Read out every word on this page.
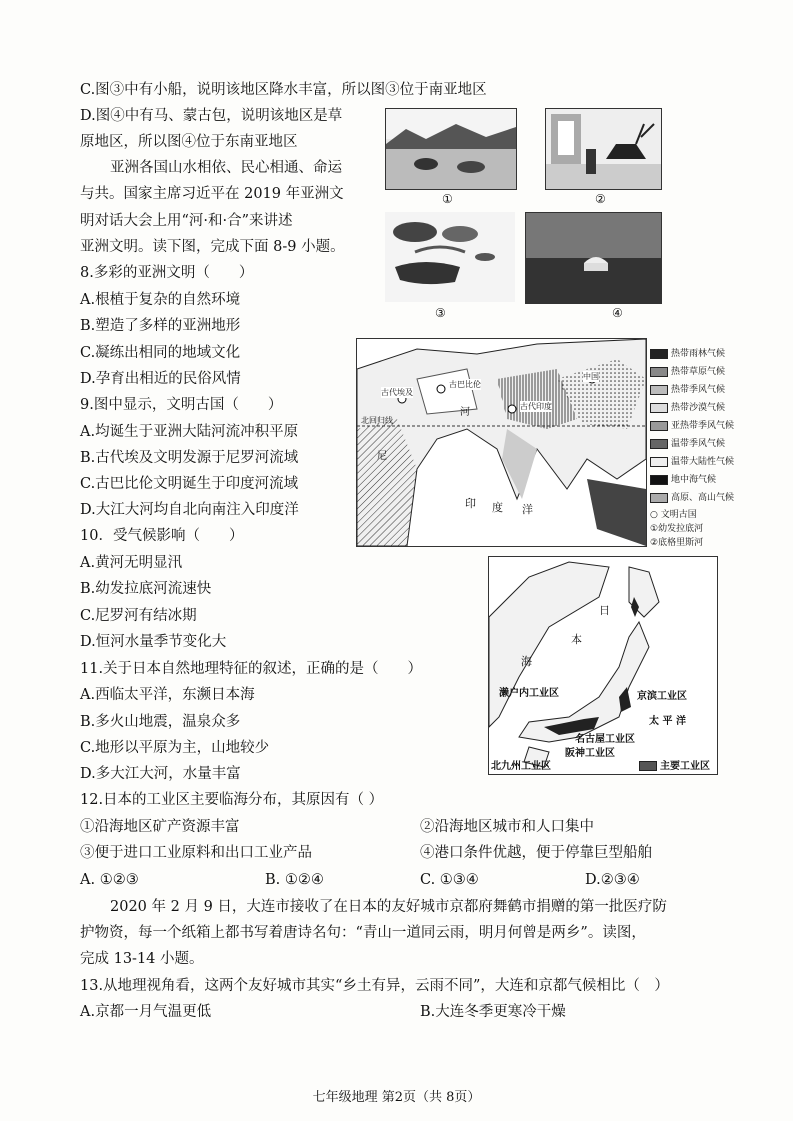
C.图③中有小船，说明该地区降水丰富，所以图③位于南亚地区
D.图④中有马、蒙古包，说明该地区是草
原地区，所以图④位于东南亚地区
亚洲各国山水相依、民心相通、命运
与共。国家主席习近平在 2019 年亚洲文
明对话大会上用“河·和·合”来讲述
亚洲文明。读下图，完成下面 8-9 小题。
8.多彩的亚洲文明（　　）
A.根植于复杂的自然环境
B.塑造了多样的亚洲地形
C.凝练出相同的地域文化
D.孕育出相近的民俗风情
9.图中显示，文明古国（　　）
A.均诞生于亚洲大陆河流冲积平原
B.古代埃及文明发源于尼罗河流域
C.古巴比伦文明诞生于印度河流域
D.大江大河均自北向南注入印度洋
10．受气候影响（　　）
A.黄河无明显汛
B.幼发拉底河流速快
C.尼罗河有结冰期
D.恒河水量季节变化大
11.关于日本自然地理特征的叙述，正确的是（　　）
A.西临太平洋，东濒日本海
B.多火山地震，温泉众多
C.地形以平原为主，山地较少
D.多大江大河，水量丰富
12.日本的工业区主要临海分布，其原因有（ ）
①沿海地区矿产资源丰富	②沿海地区城市和人口集中
③便于进口工业原料和出口工业产品	④港口条件优越，便于停靠巨型船舶
A. ①②③	B. ①②④	C. ①③④	D.②③④
2020 年 2 月 9 日，大连市接收了在日本的友好城市京都府舞鹤市捐赠的第一批医疗防
护物资，每一个纸箱上都书写着唐诗名句：“青山一道同云雨，明月何曾是两乡”。读图，
完成 13-14 小题。
13.从地理视角看，这两个友好城市其实“乡土有异，云雨不同”，大连和京都气候相比（　）
A.京都一月气温更低	B.大连冬季更寒冷干燥
①	②
③	④
古代埃及
古巴比伦
古代印度
中国
北回归线
尼
河
印 度 洋
热带雨林气候
热带草原气候
热带季风气候
热带沙漠气候
亚热带季风气候
温带季风气候
温带大陆性气候
地中海气候
高原、高山气候
○ 文明古国
①幼发拉底河
②底格里斯河
日
本
海
太 平 洋
濑户内工业区	京滨工业区
名古屋工业区
阪神工业区
北九州工业区	主要工业区
七年级地理 第2页（共 8页）
